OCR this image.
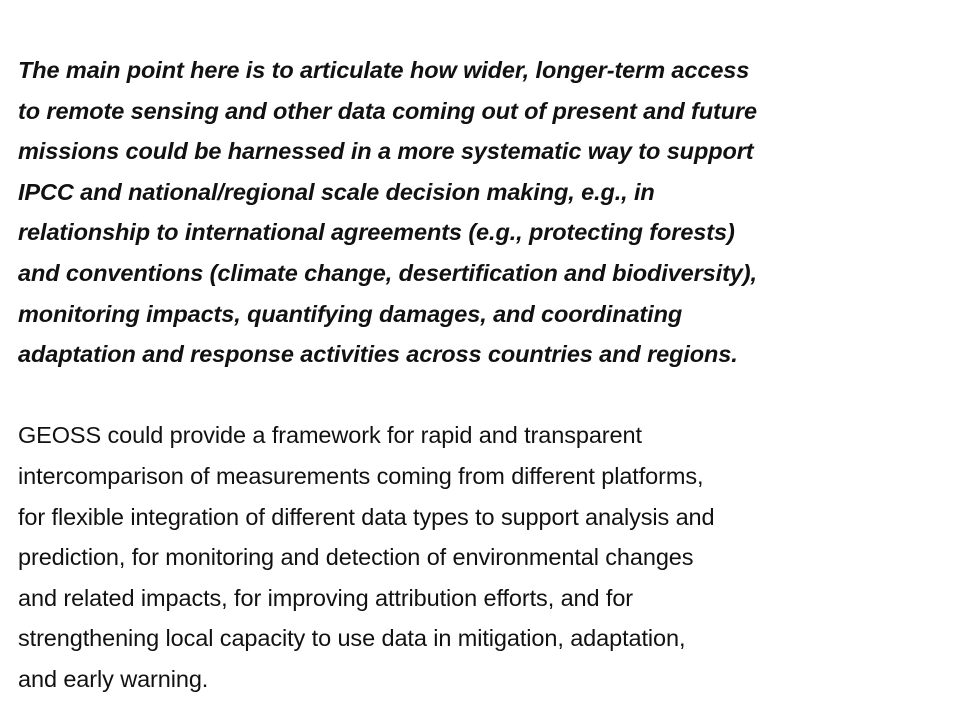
The main point here is to articulate how wider, longer-term access
to remote sensing and other data coming out of present and future
missions could be harnessed in a more systematic way to support
IPCC and national/regional scale decision making, e.g., in
relationship to international agreements (e.g., protecting forests)
and conventions (climate change, desertification and biodiversity),
monitoring impacts, quantifying damages, and coordinating
adaptation and response activities across countries and regions.

GEOSS could provide a framework for rapid and transparent
intercomparison of measurements coming from different platforms,
for flexible integration of different data types to support analysis and
prediction, for monitoring and detection of environmental changes
and related impacts, for improving attribution efforts, and for
strengthening local capacity to use data in mitigation, adaptation,
and early warning.
